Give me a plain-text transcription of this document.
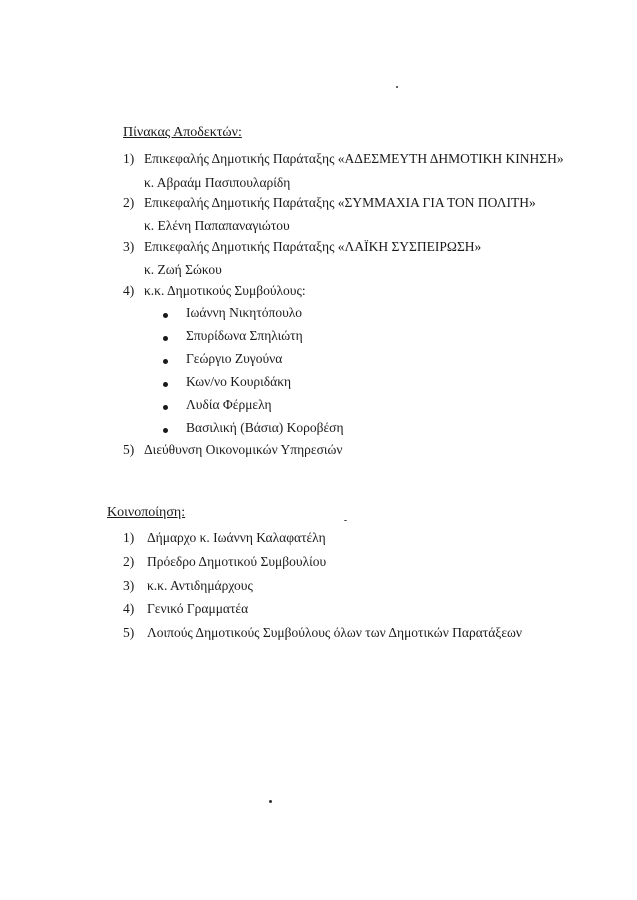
Πίνακας Αποδεκτών:
1) Επικεφαλής Δημοτικής Παράταξης «ΑΔΕΣΜΕΥΤΗ ΔΗΜΟΤΙΚΗ ΚΙΝΗΣΗ»
κ. Αβραάμ Πασιπουλαρίδη
2) Επικεφαλής Δημοτικής Παράταξης «ΣΥΜΜΑΧΙΑ ΓΙΑ ΤΟΝ ΠΟΛΙΤΗ»
κ. Ελένη Παπαπαναγιώτου
3) Επικεφαλής Δημοτικής Παράταξης «ΛΑΪΚΗ ΣΥΣΠΕΙΡΩΣΗ»
κ. Ζωή Σώκου
4) κ.κ. Δημοτικούς Συμβούλους:
Ιωάννη Νικητόπουλο
Σπυρίδωνα Σπηλιώτη
Γεώργιο Ζυγούνα
Κων/νο Κουριδάκη
Λυδία Φέρμελη
Βασιλική (Βάσια) Κοροβέση
5) Διεύθυνση Οικονομικών Υπηρεσιών
Κοινοποίηση:
1) Δήμαρχο κ. Ιωάννη Καλαφατέλη
2) Πρόεδρο Δημοτικού Συμβουλίου
3) κ.κ. Αντιδημάρχους
4) Γενικό Γραμματέα
5) Λοιπούς Δημοτικούς Συμβούλους όλων των Δημοτικών Παρατάξεων
